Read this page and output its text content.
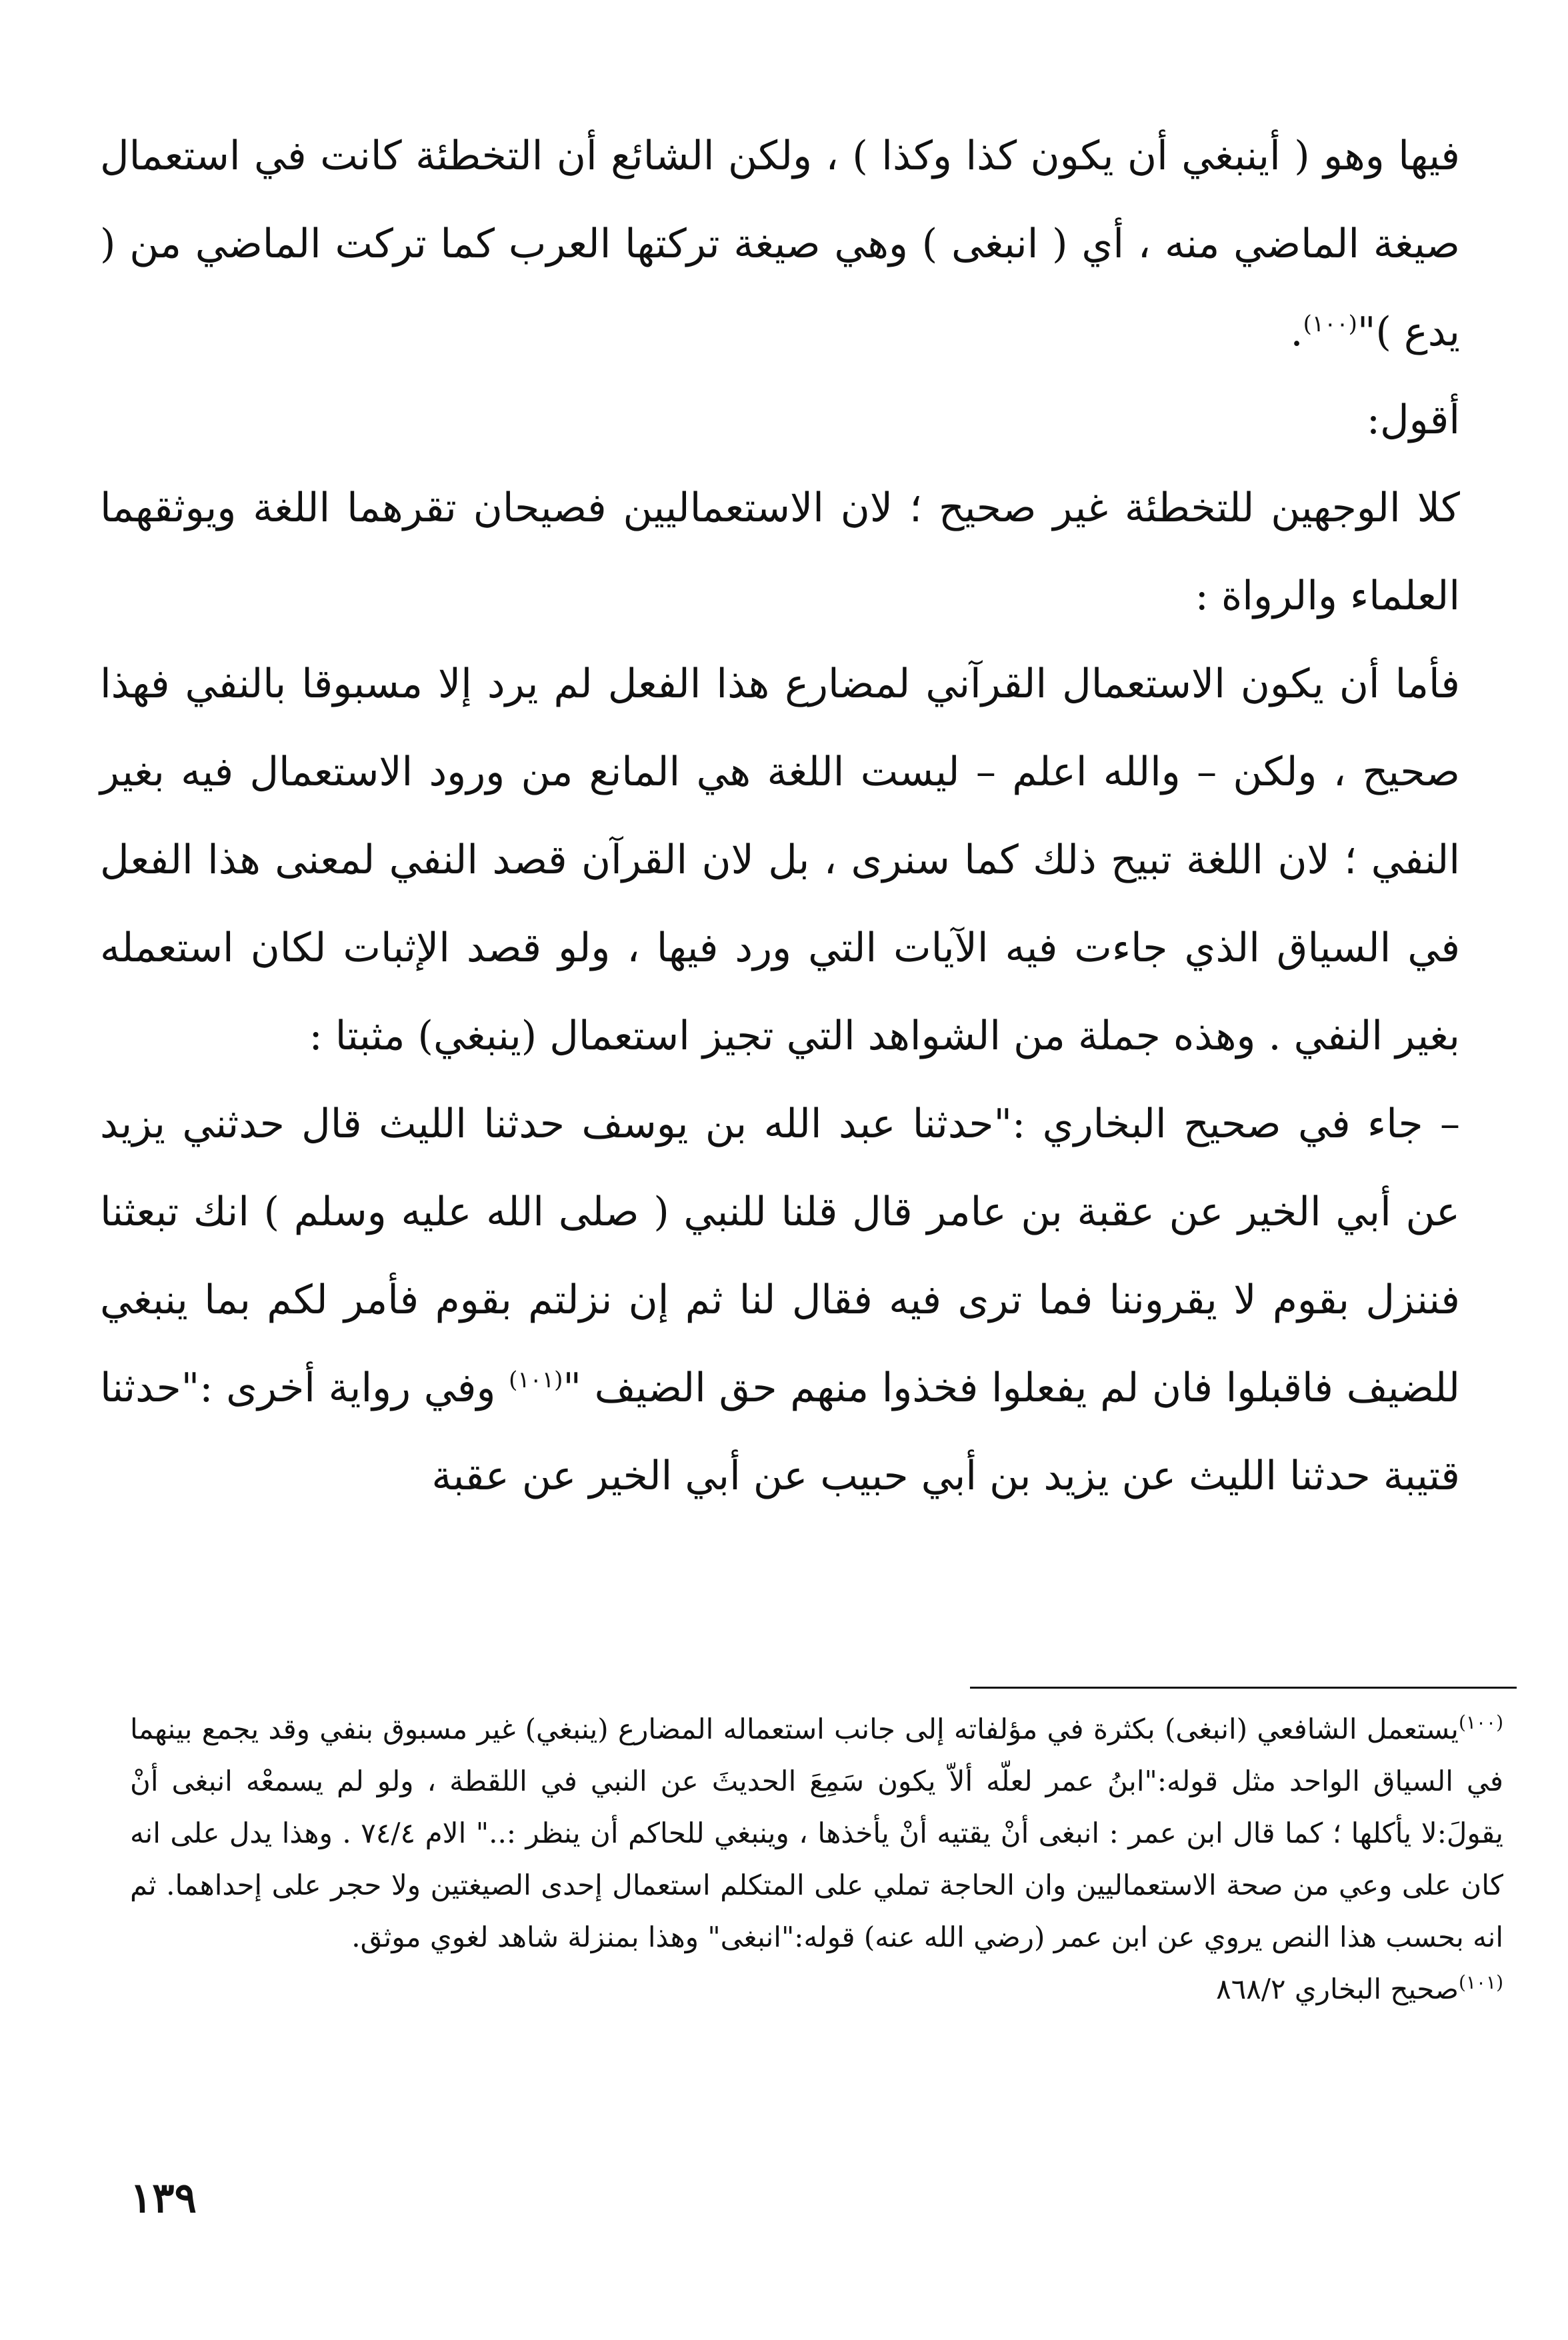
فيها وهو ( أينبغي أن يكون كذا وكذا ) ، ولكن الشائع أن التخطئة كانت في استعمال صيغة الماضي منه ، أي ( انبغى ) وهي صيغة تركتها العرب كما تركت الماضي من ( يدع )"$^{(١٠٠)}$.

أقول:

كلا الوجهين للتخطئة غير صحيح ؛ لان الاستعماليين فصيحان تقرهما اللغة ويوثقهما العلماء والرواة :

فأما أن يكون الاستعمال القرآني لمضارع هذا الفعل لم يرد إلا مسبوقا بالنفي فهذا صحيح ، ولكن – والله اعلم – ليست اللغة هي المانع من ورود الاستعمال فيه بغير النفي ؛ لان اللغة تبيح ذلك كما سنرى ، بل لان القرآن قصد النفي لمعنى هذا الفعل في السياق الذي جاءت فيه الآيات التي ورد فيها ، ولو قصد الإثبات لكان استعمله بغير النفي . وهذه جملة من الشواهد التي تجيز استعمال (ينبغي) مثبتا :

– جاء في صحيح البخاري :"حدثنا عبد الله بن يوسف حدثنا الليث قال حدثني يزيد عن أبي الخير عن عقبة بن عامر قال قلنا للنبي ( صلى الله عليه وسلم ) انك تبعثنا فننزل بقوم لا يقروننا فما ترى فيه فقال لنا ثم إن نزلتم بقوم فأمر لكم بما ينبغي للضيف فاقبلوا فان لم يفعلوا فخذوا منهم حق الضيف "$^{(١٠١)}$ وفي رواية أخرى :"حدثنا قتيبة حدثنا الليث عن يزيد بن أبي حبيب عن أبي الخير عن عقبة

$^{(١٠٠)}$يستعمل الشافعي (انبغى) بكثرة في مؤلفاته إلى جانب استعماله المضارع (ينبغي) غير مسبوق بنفي وقد يجمع بينهما في السياق الواحد مثل قوله:"ابنُ عمر لعلّه ألاّ يكون سَمِعَ الحديثَ عن النبي في اللقطة ، ولو لم يسمعْه انبغى أنْ يقولَ:لا يأكلها ؛ كما قال ابن عمر : انبغى أنْ يقتيه أنْ يأخذها ، وينبغي للحاكم أن ينظر :.." الام ٧٤/٤ . وهذا يدل على انه كان على وعي من صحة الاستعماليين وان الحاجة تملي على المتكلم استعمال إحدى الصيغتين ولا حجر على إحداهما. ثم انه بحسب هذا النص يروي عن ابن عمر (رضي الله عنه) قوله:"انبغى" وهذا بمنزلة شاهد لغوي موثق.

$^{(١٠١)}$صحيح البخاري ٨٦٨/٢

١٣٩
